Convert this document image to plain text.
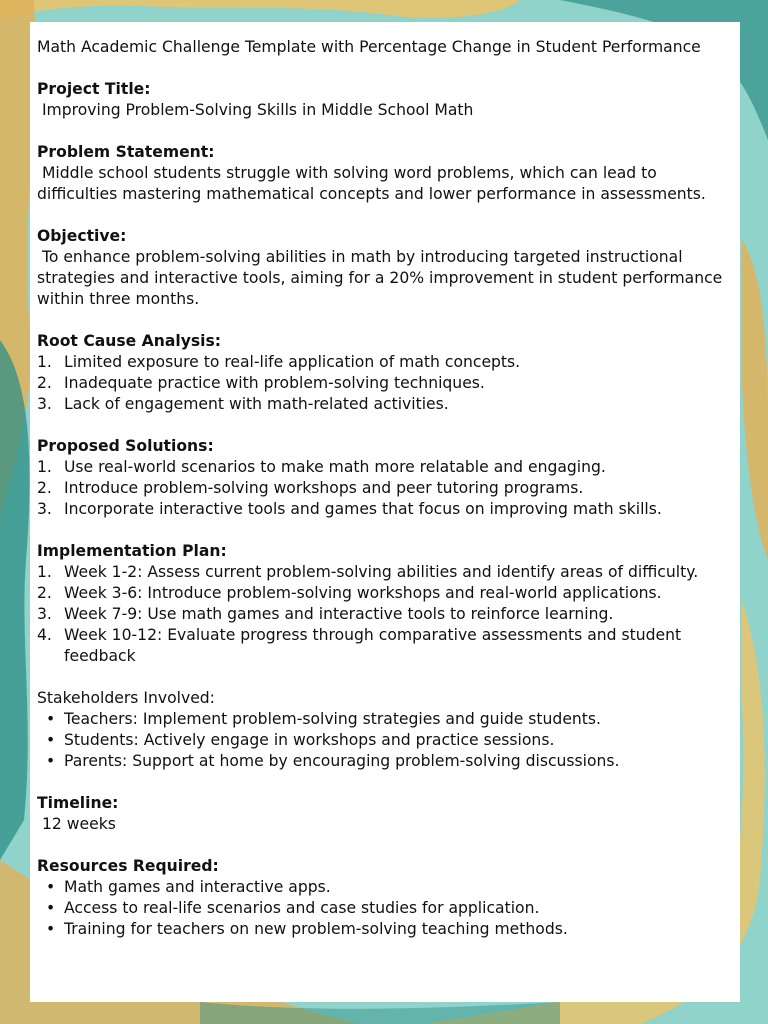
Math Academic Challenge Template with Percentage Change in Student Performance

Project Title:

Improving Problem-Solving Skills in Middle School Math

Problem Statement:

Middle school students struggle with solving word problems, which can lead to difficulties mastering mathematical concepts and lower performance in assessments.

Objective:

To enhance problem-solving abilities in math by introducing targeted instructional strategies and interactive tools, aiming for a 20% improvement in student performance within three months.

Root Cause Analysis:

1. Limited exposure to real-life application of math concepts.
2. Inadequate practice with problem-solving techniques.
3. Lack of engagement with math-related activities.

Proposed Solutions:

1. Use real-world scenarios to make math more relatable and engaging.
2. Introduce problem-solving workshops and peer tutoring programs.
3. Incorporate interactive tools and games that focus on improving math skills.

Implementation Plan:

1. Week 1-2: Assess current problem-solving abilities and identify areas of difficulty.
2. Week 3-6: Introduce problem-solving workshops and real-world applications.
3. Week 7-9: Use math games and interactive tools to reinforce learning.
4. Week 10-12: Evaluate progress through comparative assessments and student feedback

Stakeholders Involved:

• Teachers: Implement problem-solving strategies and guide students.
• Students: Actively engage in workshops and practice sessions.
• Parents: Support at home by encouraging problem-solving discussions.

Timeline:

12 weeks

Resources Required:

• Math games and interactive apps.
• Access to real-life scenarios and case studies for application.
• Training for teachers on new problem-solving teaching methods.
